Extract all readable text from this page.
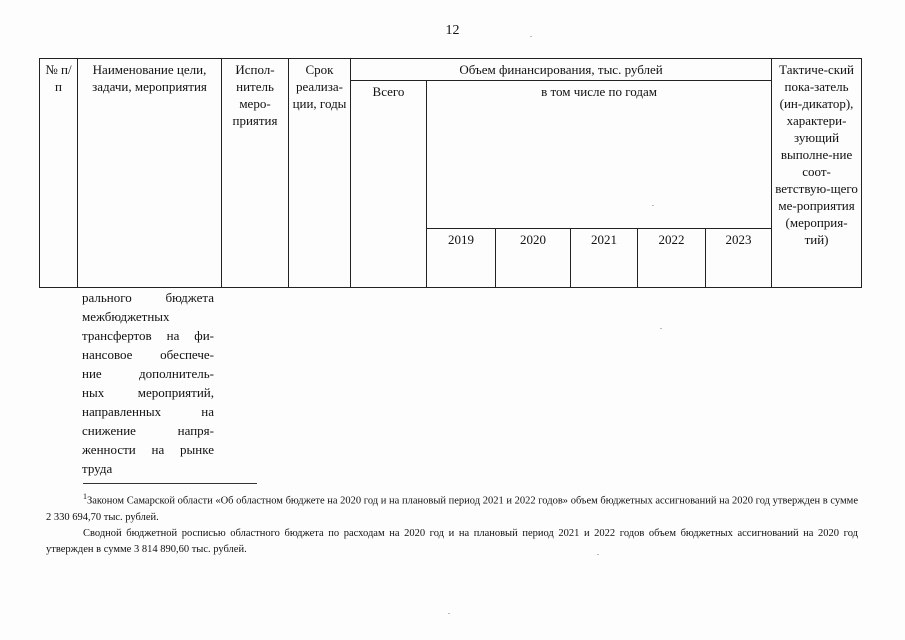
12
№ п/п	Наименование цели, задачи, мероприятия	Испол-нитель меро-приятия	Срок реализа-ции, годы	Объем финансирования, тыс. рублей						Тактиче-ский пока-затель (ин-дикатор), характери-зующий выполне-ние соот-ветствую-щего ме-роприятия (мероприя-тий)
				Всего	в том числе по годам					
					2019	2020	2021	2022	2023	
рального бюджета
межбюджетных
трансфертов на фи-
нансовое обеспече-
ние дополнитель-
ных мероприятий,
направленных на
снижение напря-
женности на рынке
труда

$^1$Законом Самарской области «Об областном бюджете на 2020 год и на плановый период 2021 и 2022 годов» объем бюджетных ассигнований на 2020 год утвержден в сумме 2 330 694,70 тыс. рублей.

Сводной бюджетной росписью областного бюджета по расходам на 2020 год и на плановый период 2021 и 2022 годов объем бюджетных ассигнований на 2020 год утвержден в сумме 3 814 890,60 тыс. рублей.
